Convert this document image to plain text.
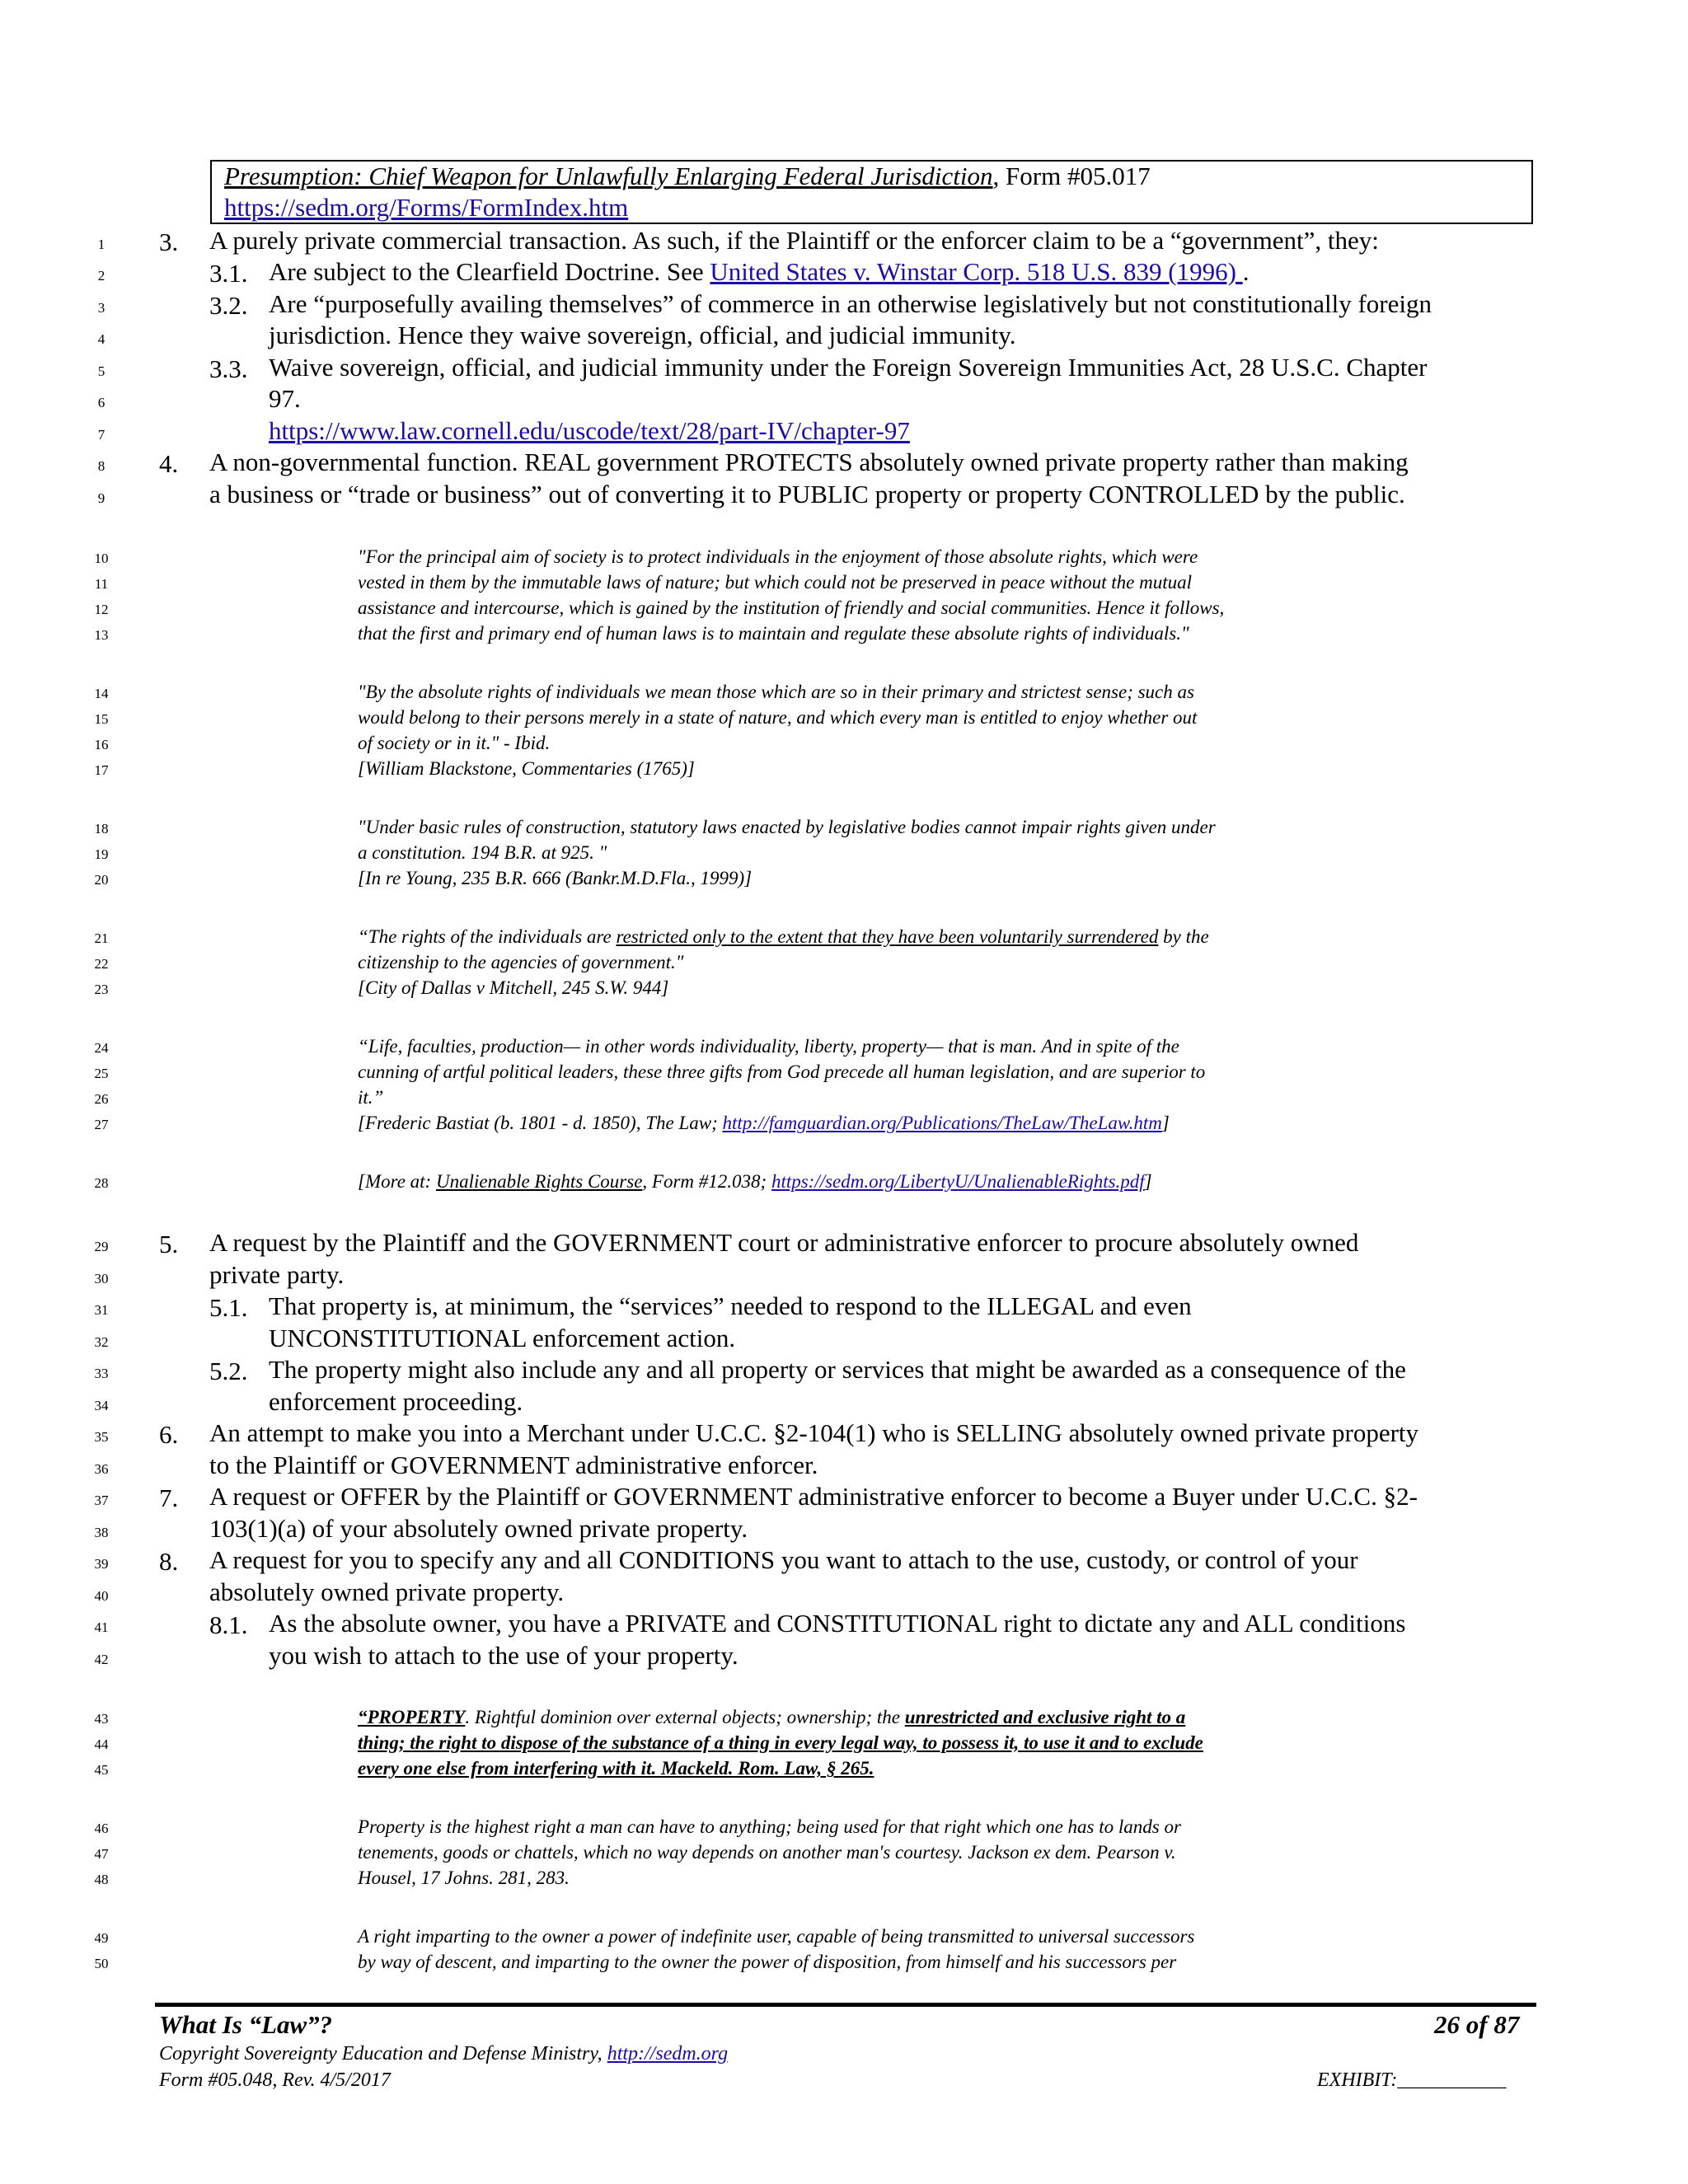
Presumption: Chief Weapon for Unlawfully Enlarging Federal Jurisdiction, Form #05.017
https://sedm.org/Forms/FormIndex.htm
1
2
3
4
5
6
7
8
9
10
11
12
13
14
15
16
17
18
19
20
21
22
23
24
25
26
27
28
29
30
31
32
33
34
35
36
37
38
39
40
41
42
43
44
45
46
47
48
49
50
3. A purely private commercial transaction. As such, if the Plaintiff or the enforcer claim to be a “government”, they:
3.1. Are subject to the Clearfield Doctrine. See United States v. Winstar Corp. 518 U.S. 839 (1996) .
3.2. Are “purposefully availing themselves” of commerce in an otherwise legislatively but not constitutionally foreign
jurisdiction. Hence they waive sovereign, official, and judicial immunity.
3.3. Waive sovereign, official, and judicial immunity under the Foreign Sovereign Immunities Act, 28 U.S.C. Chapter
97.
https://www.law.cornell.edu/uscode/text/28/part-IV/chapter-97
4. A non-governmental function. REAL government PROTECTS absolutely owned private property rather than making
a business or “trade or business” out of converting it to PUBLIC property or property CONTROLLED by the public.
"For the principal aim of society is to protect individuals in the enjoyment of those absolute rights, which were
vested in them by the immutable laws of nature; but which could not be preserved in peace without the mutual
assistance and intercourse, which is gained by the institution of friendly and social communities. Hence it follows,
that the first and primary end of human laws is to maintain and regulate these absolute rights of individuals."
"By the absolute rights of individuals we mean those which are so in their primary and strictest sense; such as
would belong to their persons merely in a state of nature, and which every man is entitled to enjoy whether out
of society or in it." - Ibid.
[William Blackstone, Commentaries (1765)]
"Under basic rules of construction, statutory laws enacted by legislative bodies cannot impair rights given under
a constitution. 194 B.R. at 925. "
[In re Young, 235 B.R. 666 (Bankr.M.D.Fla., 1999)]
“The rights of the individuals are restricted only to the extent that they have been voluntarily surrendered by the
citizenship to the agencies of government."
[City of Dallas v Mitchell, 245 S.W. 944]
“Life, faculties, production— in other words individuality, liberty, property— that is man. And in spite of the
cunning of artful political leaders, these three gifts from God precede all human legislation, and are superior to
it.”
[Frederic Bastiat (b. 1801 - d. 1850), The Law; http://famguardian.org/Publications/TheLaw/TheLaw.htm]
[More at: Unalienable Rights Course, Form #12.038; https://sedm.org/LibertyU/UnalienableRights.pdf]
5. A request by the Plaintiff and the GOVERNMENT court or administrative enforcer to procure absolutely owned
private party.
5.1. That property is, at minimum, the “services” needed to respond to the ILLEGAL and even
UNCONSTITUTIONAL enforcement action.
5.2. The property might also include any and all property or services that might be awarded as a consequence of the
enforcement proceeding.
6. An attempt to make you into a Merchant under U.C.C. §2-104(1) who is SELLING absolutely owned private property
to the Plaintiff or GOVERNMENT administrative enforcer.
7. A request or OFFER by the Plaintiff or GOVERNMENT administrative enforcer to become a Buyer under U.C.C. §2-
103(1)(a) of your absolutely owned private property.
8. A request for you to specify any and all CONDITIONS you want to attach to the use, custody, or control of your
absolutely owned private property.
8.1. As the absolute owner, you have a PRIVATE and CONSTITUTIONAL right to dictate any and ALL conditions
you wish to attach to the use of your property.
“PROPERTY. Rightful dominion over external objects; ownership; the unrestricted and exclusive right to a
thing; the right to dispose of the substance of a thing in every legal way, to possess it, to use it and to exclude
every one else from interfering with it. Mackeld. Rom. Law, § 265.
Property is the highest right a man can have to anything; being used for that right which one has to lands or
tenements, goods or chattels, which no way depends on another man's courtesy. Jackson ex dem. Pearson v.
Housel, 17 Johns. 281, 283.
A right imparting to the owner a power of indefinite user, capable of being transmitted to universal successors
by way of descent, and imparting to the owner the power of disposition, from himself and his successors per
What Is “Law”?	26 of 87
Copyright Sovereignty Education and Defense Ministry, http://sedm.org
Form #05.048, Rev. 4/5/2017	EXHIBIT:___________
